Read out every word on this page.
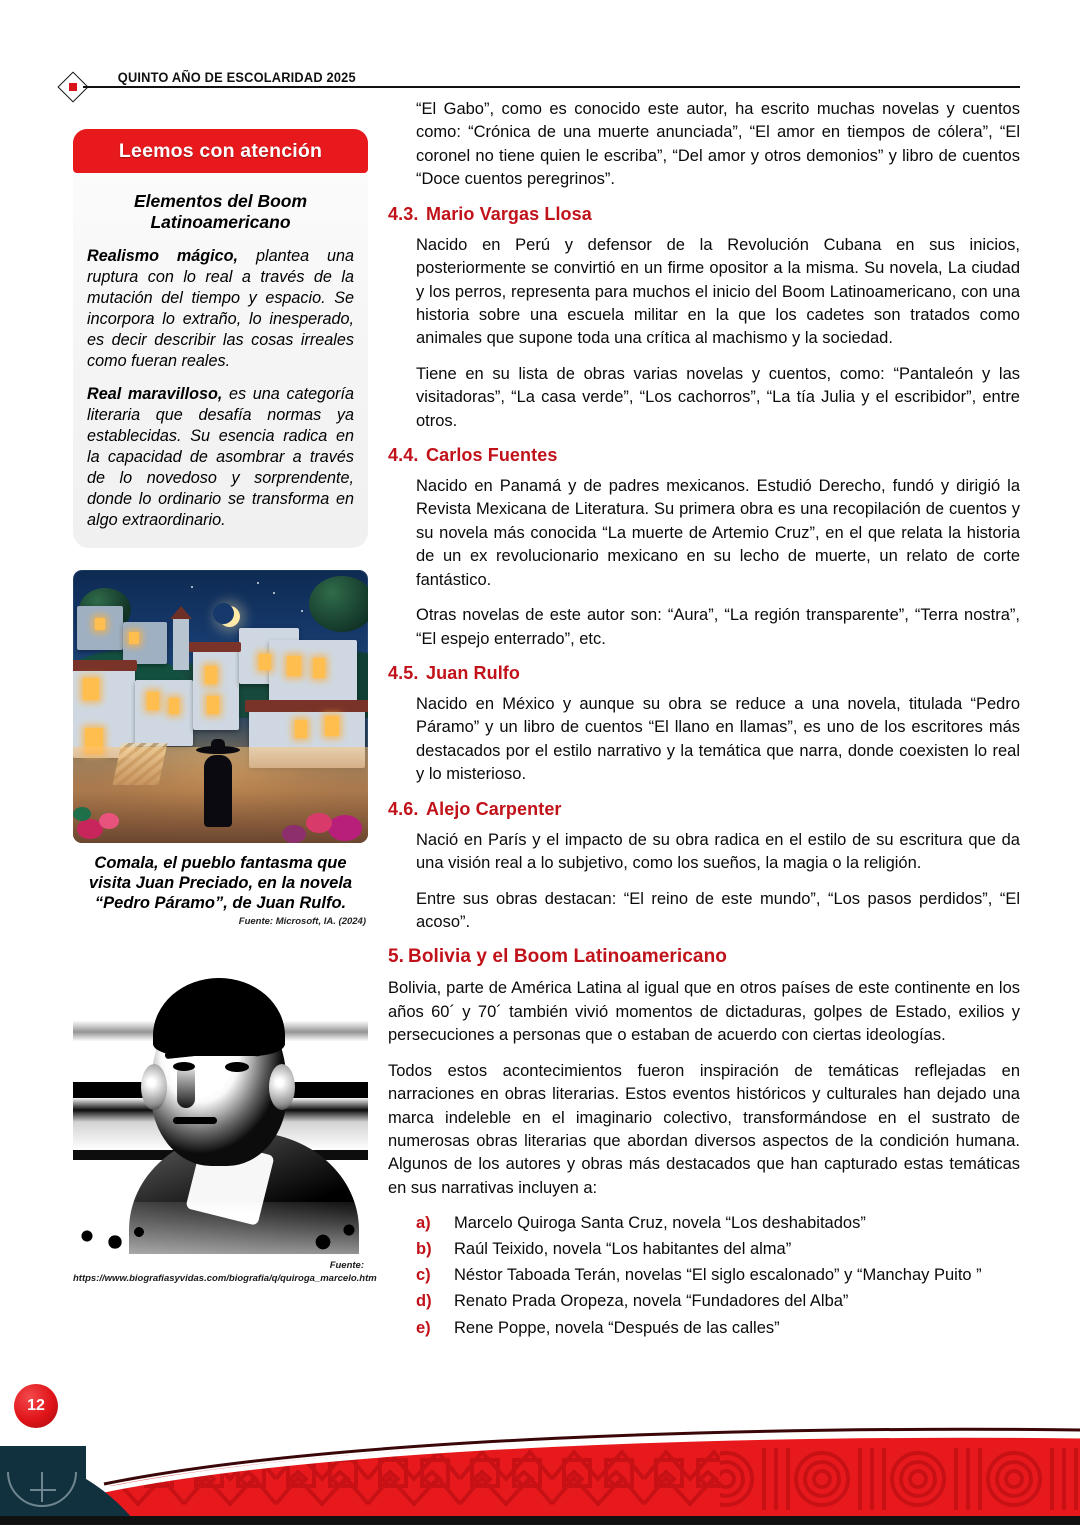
QUINTO AÑO DE ESCOLARIDAD 2025
Leemos con atención
Elementos del Boom Latinoamericano

Realismo mágico, plantea una ruptura con lo real a través de la mutación del tiempo y espacio. Se incorpora lo extraño, lo inesperado, es decir describir las cosas irreales como fueran reales.

Real maravilloso, es una categoría literaria que desafía normas ya establecidas. Su esencia radica en la capacidad de asombrar a través de lo novedoso y sorprendente, donde lo ordinario se transforma en algo extraordinario.

Comala, el pueblo fantasma que visita Juan Preciado, en la novela “Pedro Páramo”, de Juan Rulfo.
Fuente: Microsoft, IA. (2024)
Fuente: https://www.biografiasyvidas.com/biografia/q/quiroga_marcelo.htm

“El Gabo”, como es conocido este autor, ha escrito muchas novelas y cuentos como: “Crónica de una muerte anunciada”, “El amor en tiempos de cólera”, “El coronel no tiene quien le escriba”, “Del amor y otros demonios” y libro de cuentos “Doce cuentos peregrinos”.

4.3. Mario Vargas Llosa

Nacido en Perú y defensor de la Revolución Cubana en sus inicios, posteriormente se convirtió en un firme opositor a la misma. Su novela, La ciudad y los perros, representa para muchos el inicio del Boom Latinoamericano, con una historia sobre una escuela militar en la que los cadetes son tratados como animales que supone toda una crítica al machismo y la sociedad.

Tiene en su lista de obras varias novelas y cuentos, como: “Pantaleón y las visitadoras”, “La casa verde”, “Los cachorros”, “La tía Julia y el escribidor”, entre otros.

4.4. Carlos Fuentes

Nacido en Panamá y de padres mexicanos. Estudió Derecho, fundó y dirigió la Revista Mexicana de Literatura. Su primera obra es una recopilación de cuentos y su novela más conocida “La muerte de Artemio Cruz”, en el que relata la historia de un ex revolucionario mexicano en su lecho de muerte, un relato de corte fantástico.

Otras novelas de este autor son: “Aura”, “La región transparente”, “Terra nostra”, “El espejo enterrado”, etc.

4.5. Juan Rulfo

Nacido en México y aunque su obra se reduce a una novela, titulada “Pedro Páramo” y un libro de cuentos “El llano en llamas”, es uno de los escritores más destacados por el estilo narrativo y la temática que narra, donde coexisten lo real y lo misterioso.

4.6. Alejo Carpenter

Nació en París y el impacto de su obra radica en el estilo de su escritura que da una visión real a lo subjetivo, como los sueños, la magia o la religión.

Entre sus obras destacan: “El reino de este mundo”, “Los pasos perdidos”, “El acoso”.

5. Bolivia y el Boom Latinoamericano

Bolivia, parte de América Latina al igual que en otros países de este continente en los años 60´ y 70´ también vivió momentos de dictaduras, golpes de Estado, exilios y persecuciones a personas que o estaban de acuerdo con ciertas ideologías.

Todos estos acontecimientos fueron inspiración de temáticas reflejadas en narraciones en obras literarias. Estos eventos históricos y culturales han dejado una marca indeleble en el imaginario colectivo, transformándose en el sustrato de numerosas obras literarias que abordan diversos aspectos de la condición humana. Algunos de los autores y obras más destacados que han capturado estas temáticas en sus narrativas incluyen a:

a)	Marcelo Quiroga Santa Cruz, novela “Los deshabitados”
b)	Raúl Teixido, novela “Los habitantes del alma”
c)	Néstor Taboada Terán, novelas “El siglo escalonado” y “Manchay Puito ”
d)	Renato Prada Oropeza, novela “Fundadores del Alba”
e)	Rene Poppe, novela “Después de las calles”
12
